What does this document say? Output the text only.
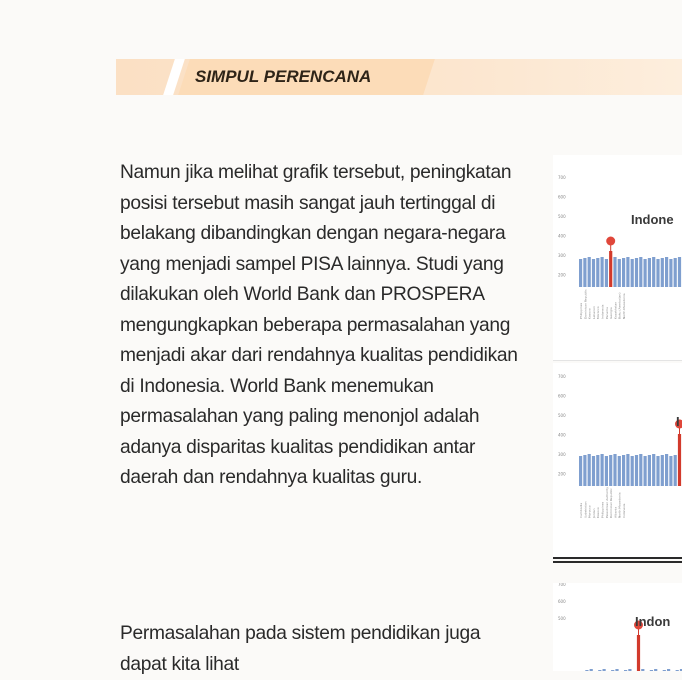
SIMPUL PERENCANA

Namun jika melihat grafik tersebut, peningkatan posisi tersebut masih sangat jauh tertinggal di belakang dibandingkan dengan negara-negara yang menjadi sampel PISA lainnya. Studi yang dilakukan oleh World Bank dan PROSPERA mengungkapkan beberapa permasalahan yang menjadi akar dari rendahnya kualitas pendidikan di Indonesia. World Bank menemukan permasalahan yang paling menonjol adalah adanya disparitas kualitas pendidikan antar daerah dan rendahnya kualitas guru.

Permasalahan pada sistem pendidikan juga dapat kita lihat

700
600
500
400
300
200
Indone
Philippines Dominican Republic Kosovo Lebanon Morocco Indonesia Panama Georgia Kazakhstan Baku (Azerbaijan) North Macedonia
700
600
500
400
300
200
I
Cambodia Uzbekistan Morocco Jordan Kosovo Philippines Palestinian Authority Dominican Republic Albania North Macedonia Indonesia
700
600
500	Indon
